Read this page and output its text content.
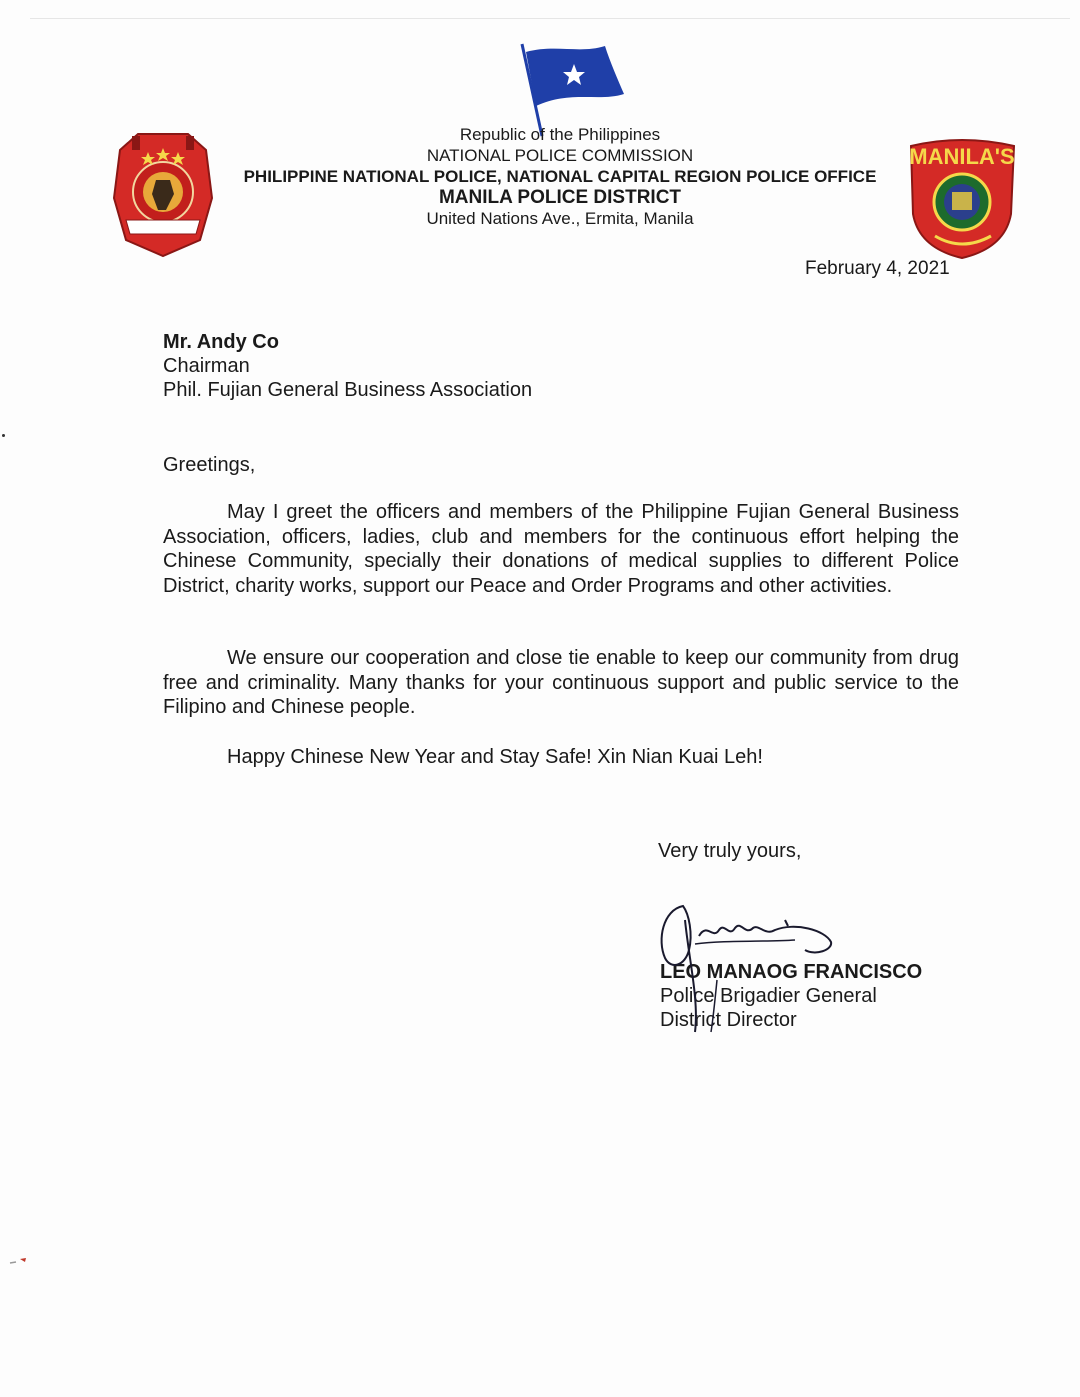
MANILA'S
Republic of the Philippines
NATIONAL POLICE COMMISSION
PHILIPPINE NATIONAL POLICE, NATIONAL CAPITAL REGION POLICE OFFICE
MANILA POLICE DISTRICT
United Nations Ave., Ermita, Manila
February 4, 2021
Mr. Andy Co
Chairman
Phil. Fujian General Business Association
Greetings,
May I greet the officers and members of the Philippine Fujian General Business Association, officers, ladies, club and members for the continuous effort helping the Chinese Community, specially their donations of medical supplies to different Police District, charity works, support our Peace and Order Programs and other activities.
We ensure our cooperation and close tie enable to keep our community from drug free and criminality. Many thanks for your continuous support and public service to the Filipino and Chinese people.
Happy Chinese New Year and Stay Safe! Xin Nian Kuai Leh!
Very truly yours,
LEO MANAOG FRANCISCO
Police Brigadier General
District Director
